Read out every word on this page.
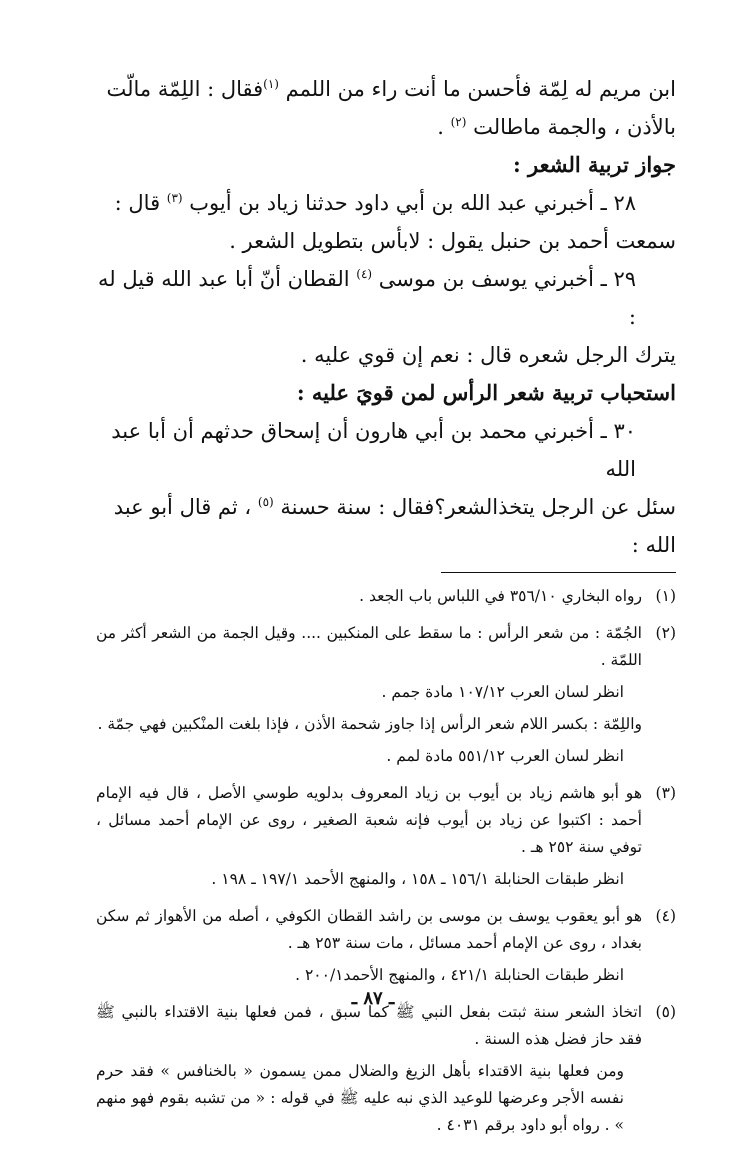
ابن مريم له لِمّة فأحسن ما أنت راء من اللمم $^{(١)}$فقال : اللِمّة مالّت

بالأذن ، والجمة ماطالت $^{(٢)}$ .

جواز تربية الشعر :

٢٨ ـ أخبرني عبد الله بن أبي داود حدثنا زياد بن أيوب $^{(٣)}$ قال :

سمعت أحمد بن حنبل يقول : لابأس بتطويل الشعر .

٢٩ ـ أخبرني يوسف بن موسى $^{(٤)}$ القطان أنّ أبا عبد الله قيل له :

يترك الرجل شعره قال : نعم إن قوي عليه .

استحباب تربية شعر الرأس لمن قويَ عليه :

٣٠ ـ أخبرني محمد بن أبي هارون أن إسحاق حدثهم أن أبا عبد الله

سئل عن الرجل يتخذالشعر؟فقال : سنة حسنة $^{(٥)}$ ، ثم قال أبو عبد الله :

(١)

رواه البخاري ٣٥٦/١٠ في اللباس باب الجعد .

(٢)

الجُمّة : من شعر الرأس : ما سقط على المنكبين .... وقيل الجمة من الشعر أكثر من اللمّة .

انظر لسان العرب ١٠٧/١٢ مادة جمم .

واللِمّة : بكسر اللام شعر الرأس إذا جاوز شحمة الأذن ، فإذا بلغت المنْكبين فهي جمّة .

انظر لسان العرب ٥٥١/١٢ مادة لمم .

(٣)

هو أبو هاشم زياد بن أيوب بن زياد المعروف بدلويه طوسي الأصل ، قال فيه الإمام أحمد : اكتبوا عن زياد بن أيوب فإنه شعبة الصغير ، روى عن الإمام أحمد مسائل ، توفي سنة ٢٥٢ هـ .

انظر طبقات الحنابلة ١٥٦/١ ـ ١٥٨ ، والمنهج الأحمد ١٩٧/١ ـ ١٩٨ .

(٤)

هو أبو يعقوب يوسف بن موسى بن راشد القطان الكوفي ، أصله من الأهواز ثم سكن بغداد ، روى عن الإمام أحمد مسائل ، مات سنة ٢٥٣ هـ .

انظر طبقات الحنابلة ٤٢١/١ ، والمنهج الأحمد٢٠٠/١ .

(٥)

اتخاذ الشعر سنة ثبتت بفعل النبي ﷺ كما سبق ، فمن فعلها بنية الاقتداء بالنبي ﷺ فقد حاز فضل هذه السنة .

ومن فعلها بنية الاقتداء بأهل الزيغ والضلال ممن يسمون « بالخنافس » فقد حرم نفسه الأجر وعرضها للوعيد الذي نبه عليه ﷺ في قوله : « من تشبه بقوم فهو منهم » . رواه أبو داود برقم ٤٠٣١ .

ـ ٨٧ ـ
